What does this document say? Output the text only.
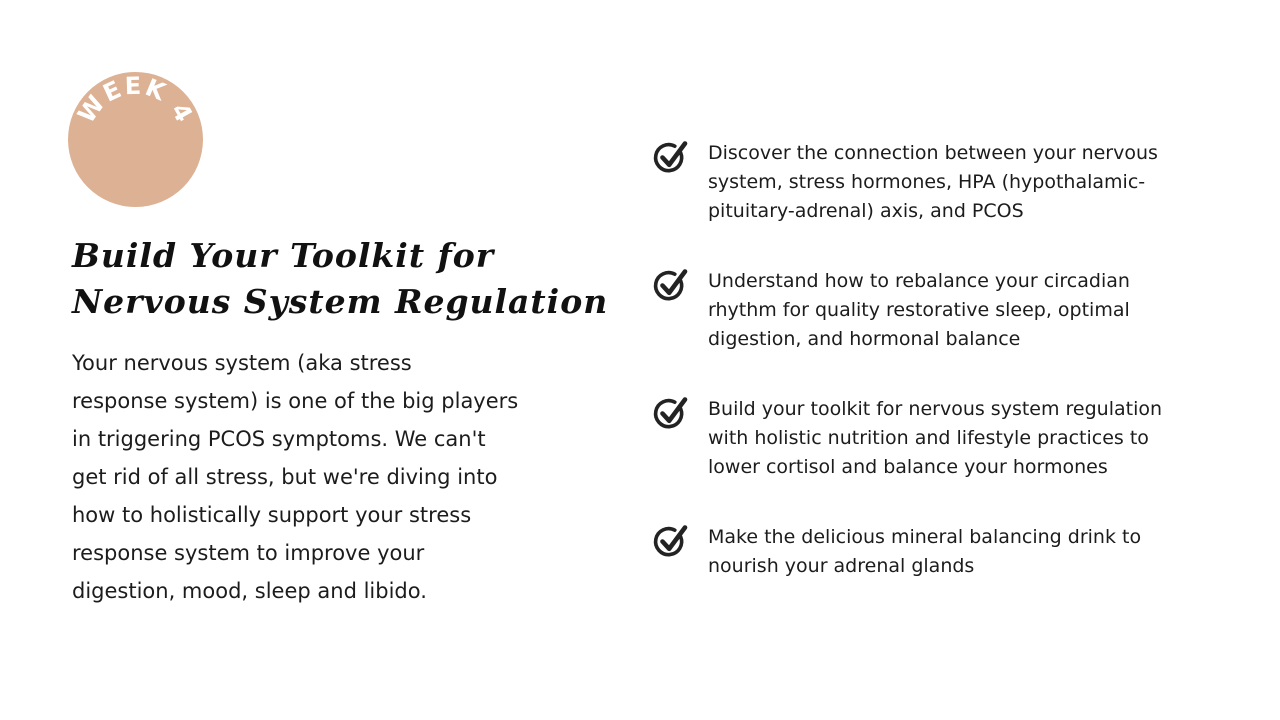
WEEK 4
Build Your Toolkit for
Nervous System Regulation

Your nervous system (aka stress
response system) is one of the big players
in triggering PCOS symptoms. We can't
get rid of all stress, but we're diving into
how to holistically support your stress
response system to improve your
digestion, mood, sleep and libido.

Discover the connection between your nervous
system, stress hormones, HPA (hypothalamic-
pituitary-adrenal) axis, and PCOS
Understand how to rebalance your circadian
rhythm for quality restorative sleep, optimal
digestion, and hormonal balance
Build your toolkit for nervous system regulation
with holistic nutrition and lifestyle practices to
lower cortisol and balance your hormones
Make the delicious mineral balancing drink to
nourish your adrenal glands
